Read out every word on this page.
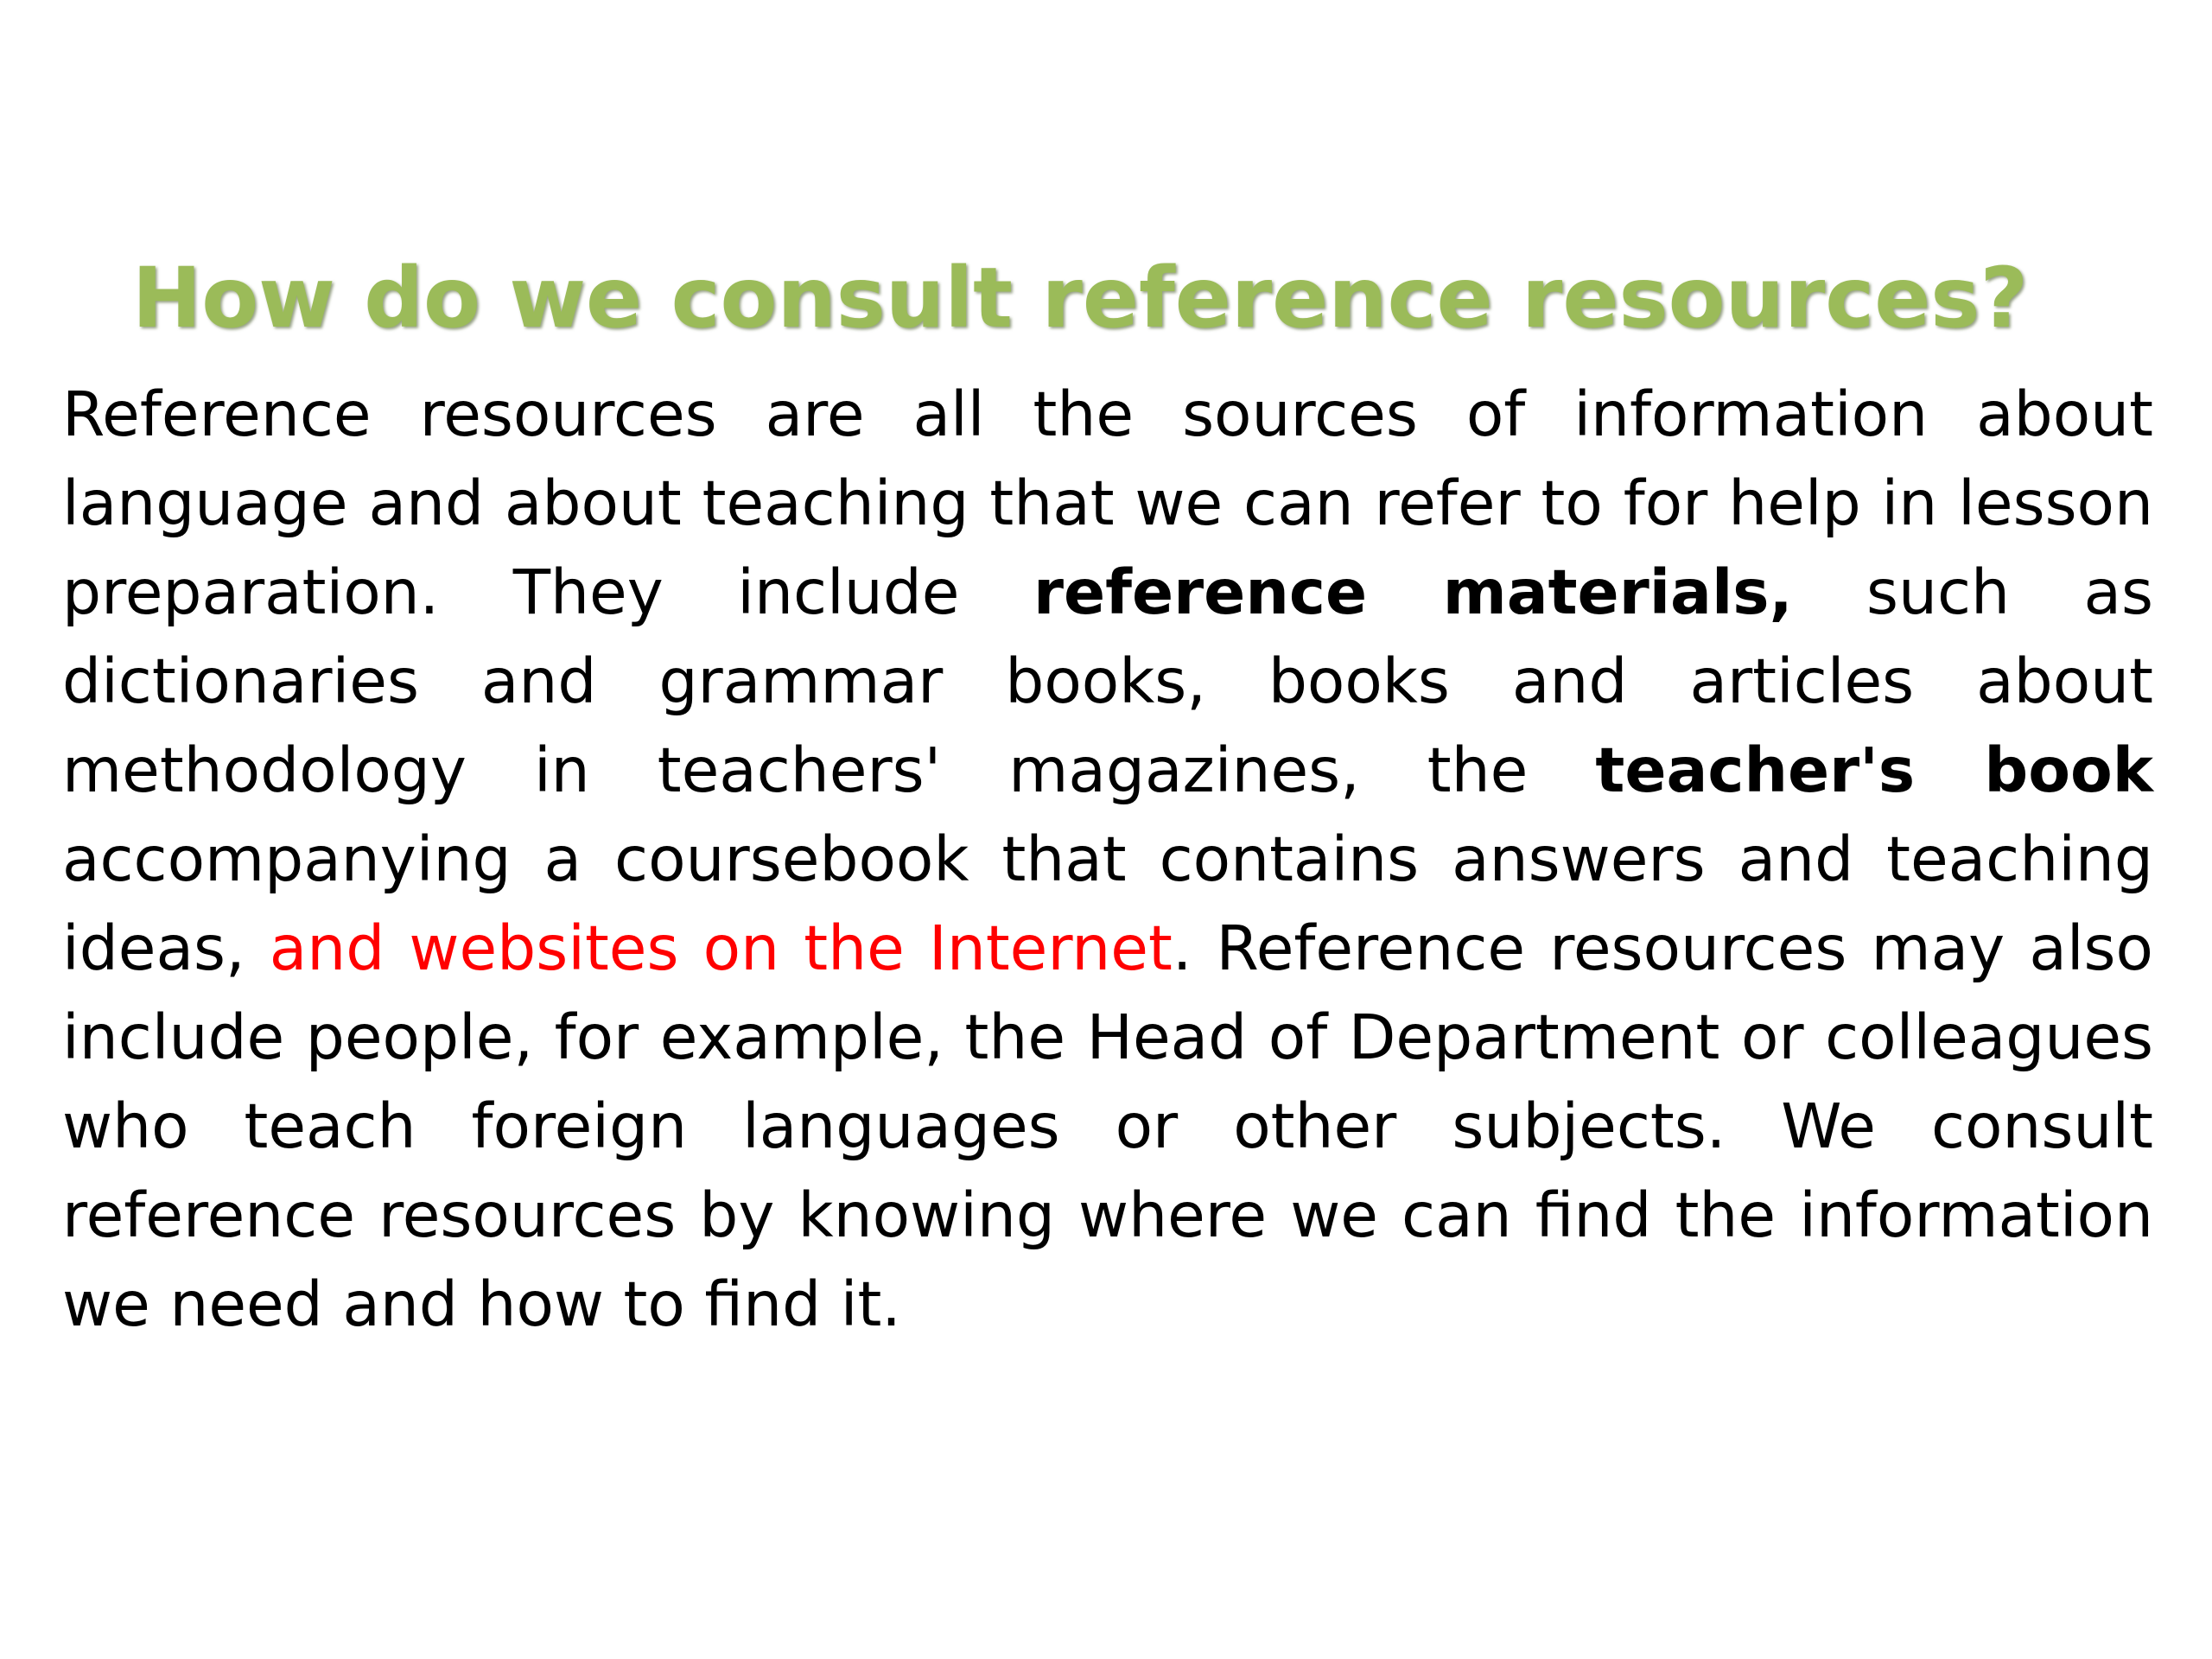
How do we consult reference resources?

Reference resources are all the sources of information about language and about teaching that we can refer to for help in lesson preparation. They include reference materials, such as dictionaries and grammar books, books and articles about methodology in teachers' magazines, the teacher's book accompanying a coursebook that contains answers and teaching ideas, and websites on the Internet. Reference resources may also include people, for example, the Head of Department or colleagues who teach foreign languages or other subjects. We consult reference resources by knowing where we can find the information we need and how to find it.
